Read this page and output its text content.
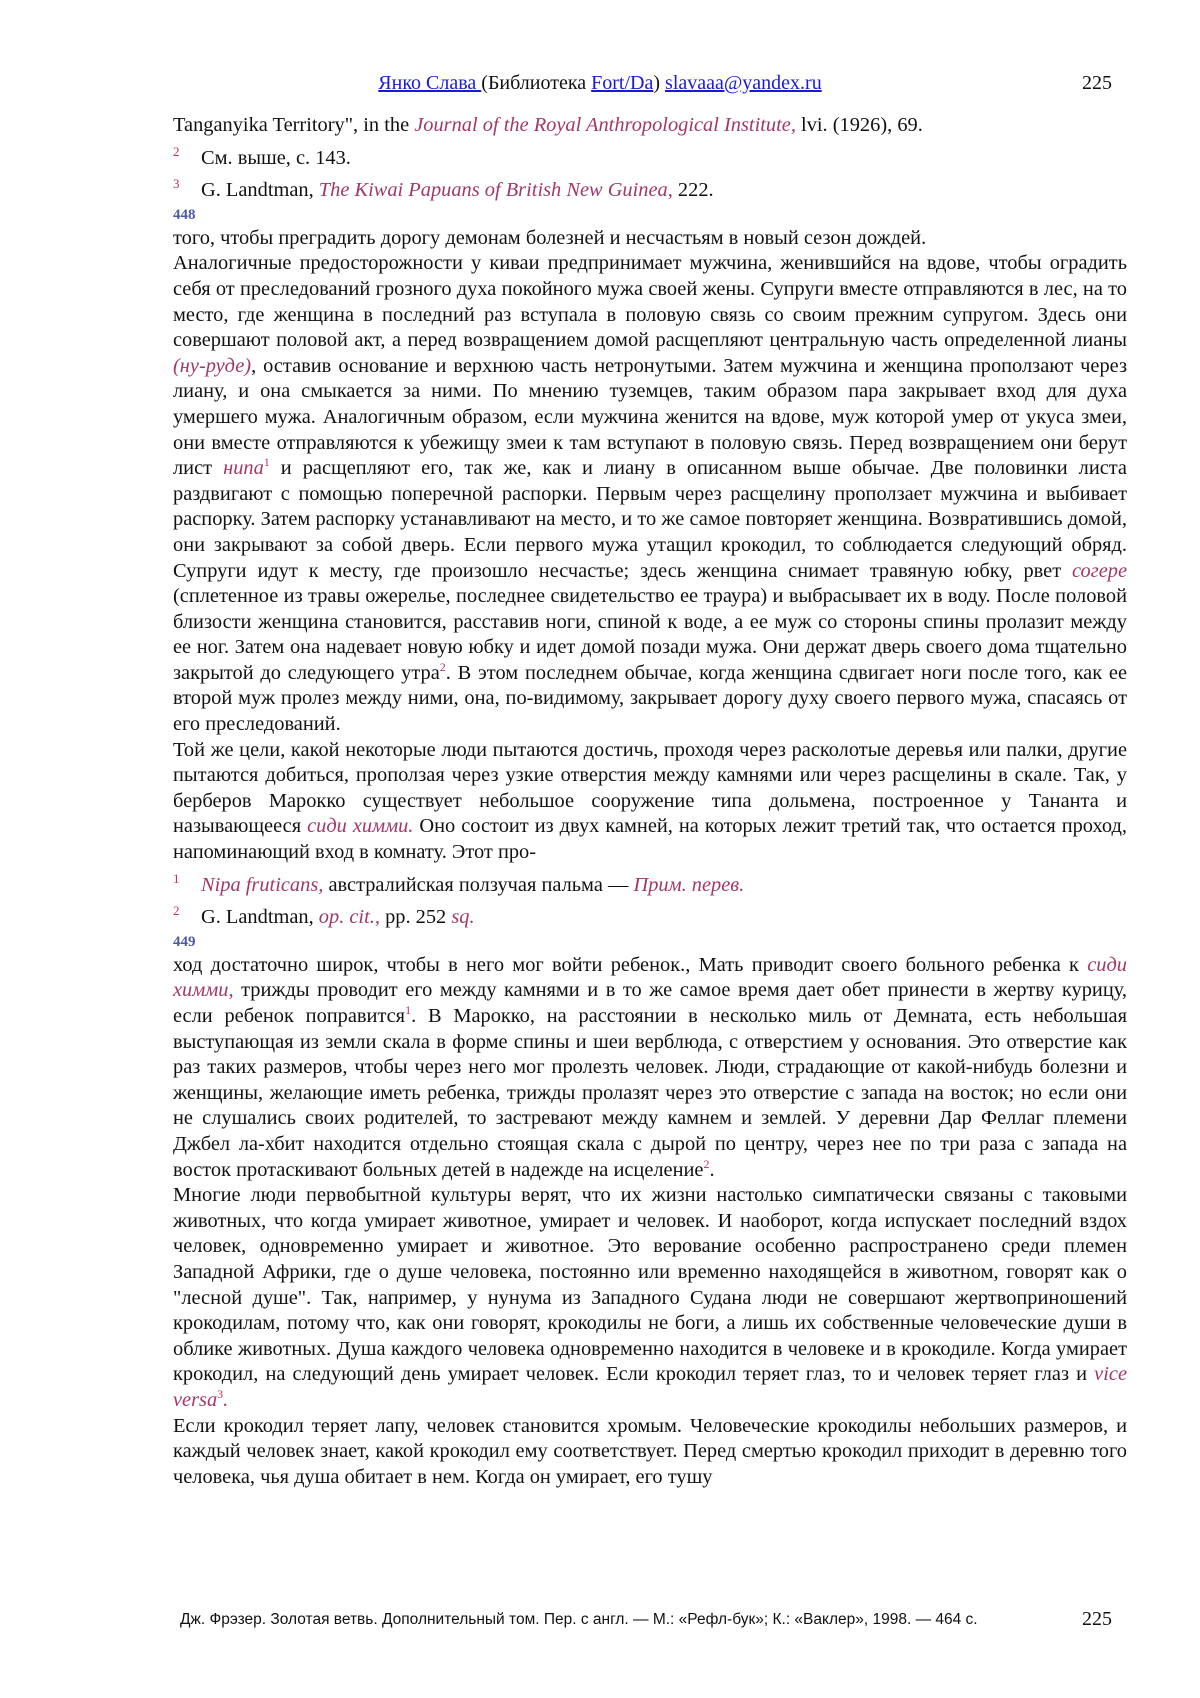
Янко Слава (Библиотека Fort/Da) slavaaa@yandex.ru	225

Tanganyika Territory", in the Journal of the Royal Anthropological Institute, lvi. (1926), 69.

2 См. выше, с. 143.

3 G. Landtman, The Kiwai Papuans of British New Guinea, 222.

448

того, чтобы преградить дорогу демонам болезней и несчастьям в новый сезон дождей.

Аналогичные предосторожности у киваи предпринимает мужчина, женившийся на вдове, чтобы оградить себя от преследований грозного духа покойного мужа своей жены. Супруги вместе отправляются в лес, на то место, где женщина в последний раз вступала в половую связь со своим прежним супругом. Здесь они совершают половой акт, а перед возвращением домой расщепляют центральную часть определенной лианы (ну-руде), оставив основание и верхнюю часть нетронутыми. Затем мужчина и женщина проползают через лиану, и она смыкается за ними. По мнению туземцев, таким образом пара закрывает вход для духа умершего мужа. Аналогичным образом, если мужчина женится на вдове, муж которой умер от укуса змеи, они вместе отправляются к убежищу змеи к там вступают в половую связь. Перед возвращением они берут лист нипа$^1$ и расщепляют его, так же, как и лиану в описанном выше обычае. Две половинки листа раздвигают с помощью поперечной распорки. Первым через расщелину проползает мужчина и выбивает распорку. Затем распорку устанавливают на место, и то же самое повторяет женщина. Возвратившись домой, они закрывают за собой дверь. Если первого мужа утащил крокодил, то соблюдается следующий обряд. Супруги идут к месту, где произошло несчастье; здесь женщина снимает травяную юбку, рвет согере (сплетенное из травы ожерелье, последнее свидетельство ее траура) и выбрасывает их в воду. После половой близости женщина становится, расставив ноги, спиной к воде, а ее муж со стороны спины пролазит между ее ног. Затем она надевает новую юбку и идет домой позади мужа. Они держат дверь своего дома тщательно закрытой до следующего утра$^2$. В этом последнем обычае, когда женщина сдвигает ноги после того, как ее второй муж пролез между ними, она, по-видимому, закрывает дорогу духу своего первого мужа, спасаясь от его преследований.

Той же цели, какой некоторые люди пытаются достичь, проходя через расколотые деревья или палки, другие пытаются добиться, проползая через узкие отверстия между камнями или через расщелины в скале. Так, у берберов Марокко существует небольшое сооружение типа дольмена, построенное у Тананта и называющееся сиди химми. Оно состоит из двух камней, на которых лежит третий так, что остается проход, напоминающий вход в комнату. Этот про-

1 Nipa fruticans, австралийская ползучая пальма — Прим. перев.

2 G. Landtman, op. cit., pp. 252 sq.

449

ход достаточно широк, чтобы в него мог войти ребенок., Мать приводит своего больного ребенка к сиди химми, трижды проводит его между камнями и в то же самое время дает обет принести в жертву курицу, если ребенок поправится$^1$. В Марокко, на расстоянии в несколько миль от Демната, есть небольшая выступающая из земли скала в форме спины и шеи верблюда, с отверстием у основания. Это отверстие как раз таких размеров, чтобы через него мог пролезть человек. Люди, страдающие от какой-нибудь болезни и женщины, желающие иметь ребенка, трижды пролазят через это отверстие с запада на восток; но если они не слушались своих родителей, то застревают между камнем и землей. У деревни Дар Феллаг племени Джбел ла-хбит находится отдельно стоящая скала с дырой по центру, через нее по три раза с запада на восток протаскивают больных детей в надежде на исцеление$^2$.

Многие люди первобытной культуры верят, что их жизни настолько симпатически связаны с таковыми животных, что когда умирает животное, умирает и человек. И наоборот, когда испускает последний вздох человек, одновременно умирает и животное. Это верование особенно распространено среди племен Западной Африки, где о душе человека, постоянно или временно находящейся в животном, говорят как о "лесной душе". Так, например, у нунума из Западного Судана люди не совершают жертвоприношений крокодилам, потому что, как они говорят, крокодилы не боги, а лишь их собственные человеческие души в облике животных. Душа каждого человека одновременно находится в человеке и в крокодиле. Когда умирает крокодил, на следующий день умирает человек. Если крокодил теряет глаз, то и человек теряет глаз и vice versa$^3$.

Если крокодил теряет лапу, человек становится хромым. Человеческие крокодилы небольших размеров, и каждый человек знает, какой крокодил ему соответствует. Перед смертью крокодил приходит в деревню того человека, чья душа обитает в нем. Когда он умирает, его тушу

Дж. Фрэзер. Золотая ветвь. Дополнительный том. Пер. с англ. — М.: «Рефл-бук»; К.: «Ваклер», 1998. — 464 с.	225
